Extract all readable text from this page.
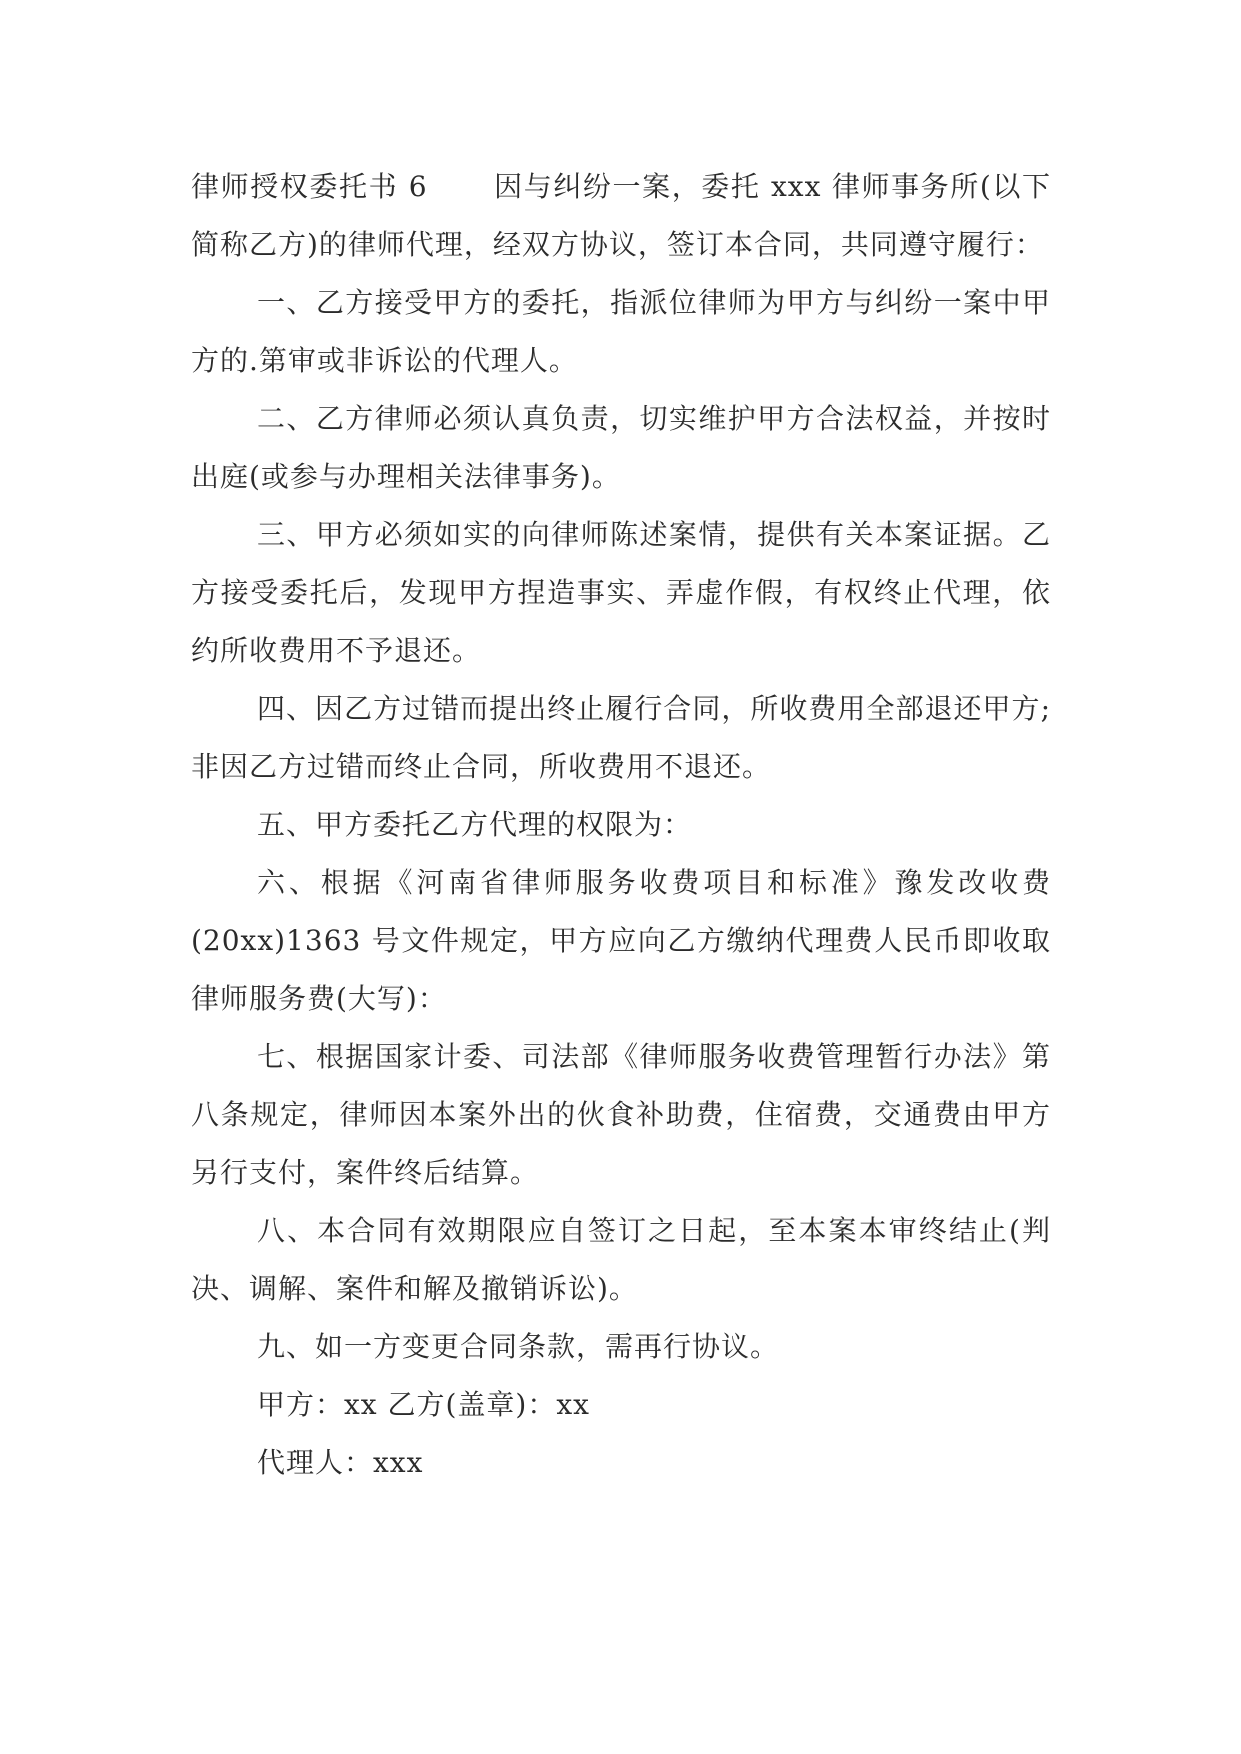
律师授权委托书 6 因与纠纷一案，委托 xxx 律师事务所(以下简称乙方)的律师代理，经双方协议，签订本合同，共同遵守履行：

一、乙方接受甲方的委托，指派位律师为甲方与纠纷一案中甲方的.第审或非诉讼的代理人。

二、乙方律师必须认真负责，切实维护甲方合法权益，并按时出庭(或参与办理相关法律事务)。

三、甲方必须如实的向律师陈述案情，提供有关本案证据。乙方接受委托后，发现甲方捏造事实、弄虚作假，有权终止代理，依约所收费用不予退还。

四、因乙方过错而提出终止履行合同，所收费用全部退还甲方;非因乙方过错而终止合同，所收费用不退还。

五、甲方委托乙方代理的权限为：

六、根据《河南省律师服务收费项目和标准》豫发改收费(20xx)1363 号文件规定，甲方应向乙方缴纳代理费人民币即收取律师服务费(大写)：

七、根据国家计委、司法部《律师服务收费管理暂行办法》第八条规定，律师因本案外出的伙食补助费，住宿费，交通费由甲方另行支付，案件终后结算。

八、本合同有效期限应自签订之日起，至本案本审终结止(判决、调解、案件和解及撤销诉讼)。

九、如一方变更合同条款，需再行协议。

甲方：xx 乙方(盖章)：xx

代理人：xxx
